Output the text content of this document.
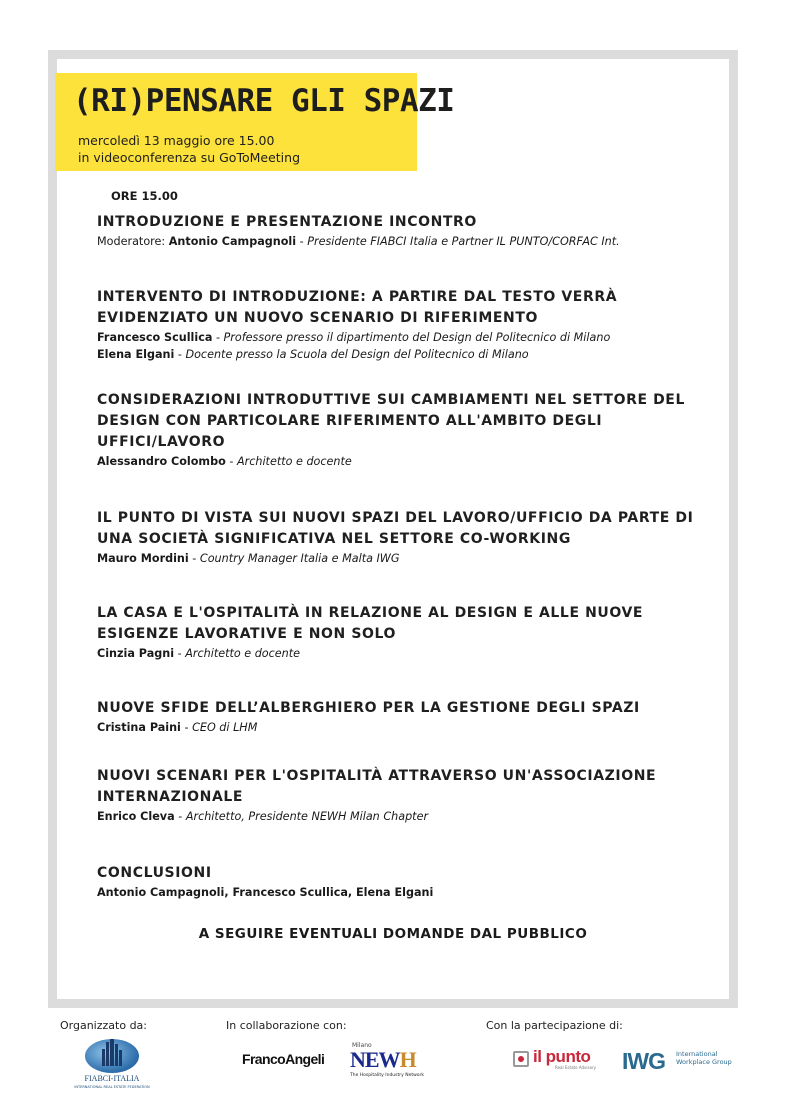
(RI)PENSARE GLI SPAZI
mercoledì 13 maggio ore 15.00
in videoconferenza su GoToMeeting
ORE 15.00
INTRODUZIONE E PRESENTAZIONE INCONTRO
Moderatore: Antonio Campagnoli - Presidente FIABCI Italia e Partner IL PUNTO/CORFAC Int.
INTERVENTO DI INTRODUZIONE: A PARTIRE DAL TESTO VERRÀ EVIDENZIATO UN NUOVO SCENARIO DI RIFERIMENTO
Francesco Scullica - Professore presso il dipartimento del Design del Politecnico di Milano
Elena Elgani - Docente presso la Scuola del Design del Politecnico di Milano
CONSIDERAZIONI INTRODUTTIVE SUI CAMBIAMENTI NEL SETTORE DEL DESIGN CON PARTICOLARE RIFERIMENTO ALL'AMBITO DEGLI UFFICI/LAVORO
Alessandro Colombo - Architetto e docente
IL PUNTO DI VISTA SUI NUOVI SPAZI DEL LAVORO/UFFICIO DA PARTE DI UNA SOCIETÀ SIGNIFICATIVA NEL SETTORE CO-WORKING
Mauro Mordini - Country Manager Italia e Malta IWG
LA CASA E L'OSPITALITÀ IN RELAZIONE AL DESIGN E ALLE NUOVE ESIGENZE LAVORATIVE E NON SOLO
Cinzia Pagni - Architetto e docente
NUOVE SFIDE DELL’ALBERGHIERO PER LA GESTIONE DEGLI SPAZI
Cristina Paini - CEO di LHM
NUOVI SCENARI PER L'OSPITALITÀ ATTRAVERSO UN'ASSOCIAZIONE INTERNAZIONALE
Enrico Cleva - Architetto, Presidente NEWH Milan Chapter
CONCLUSIONI
Antonio Campagnoli, Francesco Scullica, Elena Elgani
A SEGUIRE EVENTUALI DOMANDE DAL PUBBLICO
Organizzato da:	In collaborazione con:	Con la partecipazione di:
FIABCI-ITALIA
INTERNATIONAL REAL ESTATE FEDERATION
FrancoAngeli
Milano
NEWH
The Hospitality Industry Network
il punto
Real Estate Advisory IWG International Workplace Group
